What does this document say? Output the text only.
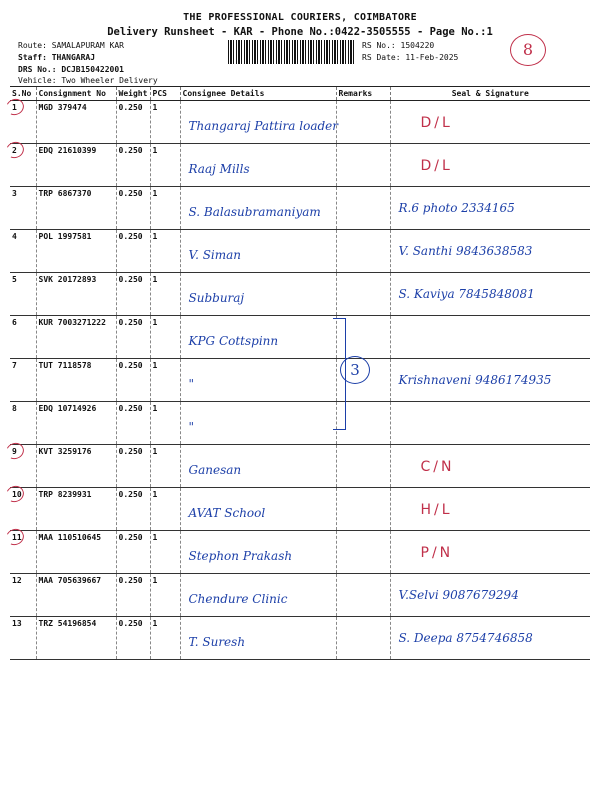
THE PROFESSIONAL COURIERS, COIMBATORE
Delivery Runsheet - KAR - Phone No.:0422-3505555 - Page No.:1
Route: SAMALAPURAM KAR
Staff: THANGARAJ
DRS No.: DCJB150422001
Vehicle: Two Wheeler Delivery
RS No.: 1504220
RS Date: 11-Feb-2025	8
S.No	Consignment No	Weight	PCS	Consignee Details	Remarks	Seal & Signature
1	MGD 379474	0.250	1	Thangaraj Pattira loader		D/L

2	EDQ 21610399	0.250	1	Raaj Mills		D/L

3	TRP 6867370	0.250	1	S. Balasubramaniyam		R.6 photo 2334165

4	POL 1997581	0.250	1	V. Siman		V. Santhi 9843638583

5	SVK 20172893	0.250	1	Subburaj		S. Kaviya 7845848081

6	KUR 7003271222	0.250	1	KPG Cottspinn		

7	TUT 7118578	0.250	1	"		Krishnaveni 9486174935

8	EDQ 10714926	0.250	1	"		

9	KVT 3259176	0.250	1	Ganesan		C/N

10	TRP 8239931	0.250	1	AVAT School		H/L

11	MAA 110510645	0.250	1	Stephon Prakash		P/N

12	MAA 705639667	0.250	1	Chendure Clinic		V.Selvi 9087679294

13	TRZ 54196854	0.250	1	T. Suresh		S. Deepa 8754746858
3
